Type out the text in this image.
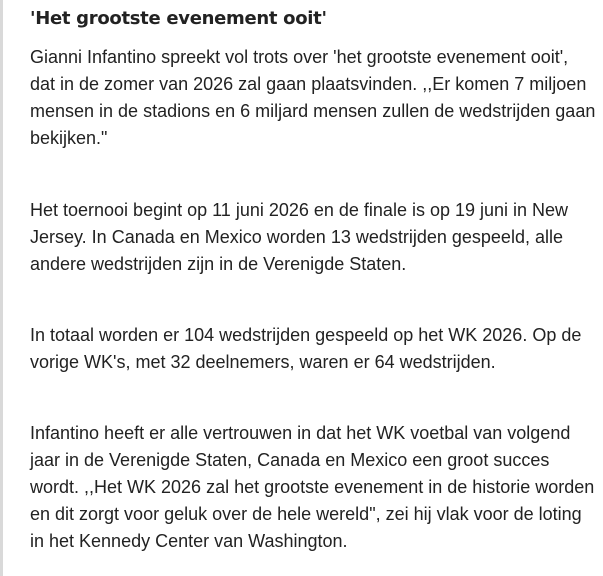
'Het grootste evenement ooit'

Gianni Infantino spreekt vol trots over 'het grootste evenement ooit', dat in de zomer van 2026 zal gaan plaatsvinden. ,,Er komen 7 miljoen mensen in de stadions en 6 miljard mensen zullen de wedstrijden gaan bekijken."

Het toernooi begint op 11 juni 2026 en de finale is op 19 juni in New Jersey. In Canada en Mexico worden 13 wedstrijden gespeeld, alle andere wedstrijden zijn in de Verenigde Staten.

In totaal worden er 104 wedstrijden gespeeld op het WK 2026. Op de vorige WK's, met 32 deelnemers, waren er 64 wedstrijden.

Infantino heeft er alle vertrouwen in dat het WK voetbal van volgend jaar in de Verenigde Staten, Canada en Mexico een groot succes wordt. ,,Het WK 2026 zal het grootste evenement in de historie worden en dit zorgt voor geluk over de hele wereld", zei hij vlak voor de loting in het Kennedy Center van Washington.
